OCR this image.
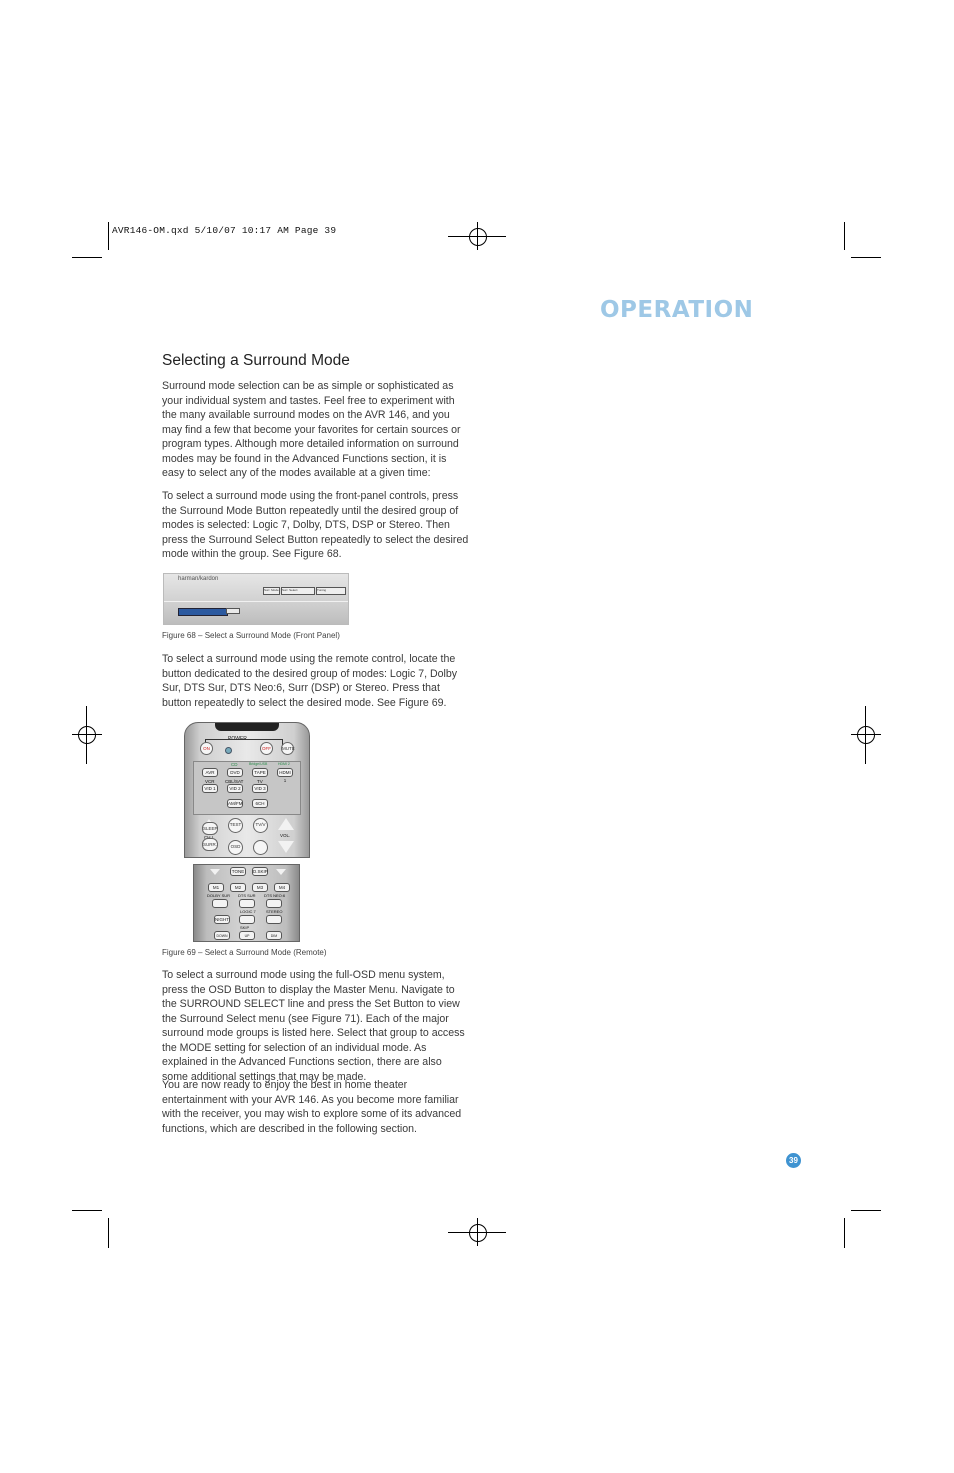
AVR146-OM.qxd 5/10/07 10:17 AM Page 39
OPERATION
Selecting a Surround Mode

Surround mode selection can be as simple or sophisticated as your individual system and tastes. Feel free to experiment with the many available surround modes on the AVR 146, and you may find a few that become your favorites for certain sources or program types. Although more detailed information on surround modes may be found in the Advanced Functions section, it is easy to select any of the modes available at a given time:

To select a surround mode using the front-panel controls, press the Surround Mode Button repeatedly until the desired group of modes is selected: Logic 7, Dolby, DTS, DSP or Stereo. Then press the Surround Select Button repeatedly to select the desired mode within the group. See Figure 68.

harman/kardon
Surr. Mode	Surr. Select	Tuning
Figure 68 – Select a Surround Mode (Front Panel)

To select a surround mode using the remote control, locate the button dedicated to the desired group of modes: Logic 7, Dolby Sur, DTS Sur, DTS Neo:6, Surr (DSP) or Stereo. Press that button repeatedly to select the desired mode. See Figure 69.

POWER
ON	OFF	MUTE
CD	Bridge/USB	HDMI 2
AVR	DVD	TAPE	HDMI 1
VCR CBL/SAT	TV
VID 1	VID 2	VID 3
AM/FM	6CH
SLEEP
TEST	TV/V
VOL.
SURR.	OSD
TONE	D.SKIP
M1	M2	M3	M4
DOLBY SUR DTS SUR DTS NEO:6
LOGIC 7	STEREO
NIGHT
SKIP
DOWN	UP	DIM
Figure 69 – Select a Surround Mode (Remote)

To select a surround mode using the full-OSD menu system, press the OSD Button to display the Master Menu. Navigate to the SURROUND SELECT line and press the Set Button to view the Surround Select menu (see Figure 71). Each of the major surround mode groups is listed here. Select that group to access the MODE setting for selection of an individual mode. As explained in the Advanced Functions section, there are also some additional settings that may be made.

You are now ready to enjoy the best in home theater entertainment with your AVR 146. As you become more familiar with the receiver, you may wish to explore some of its advanced functions, which are described in the following section.

39
